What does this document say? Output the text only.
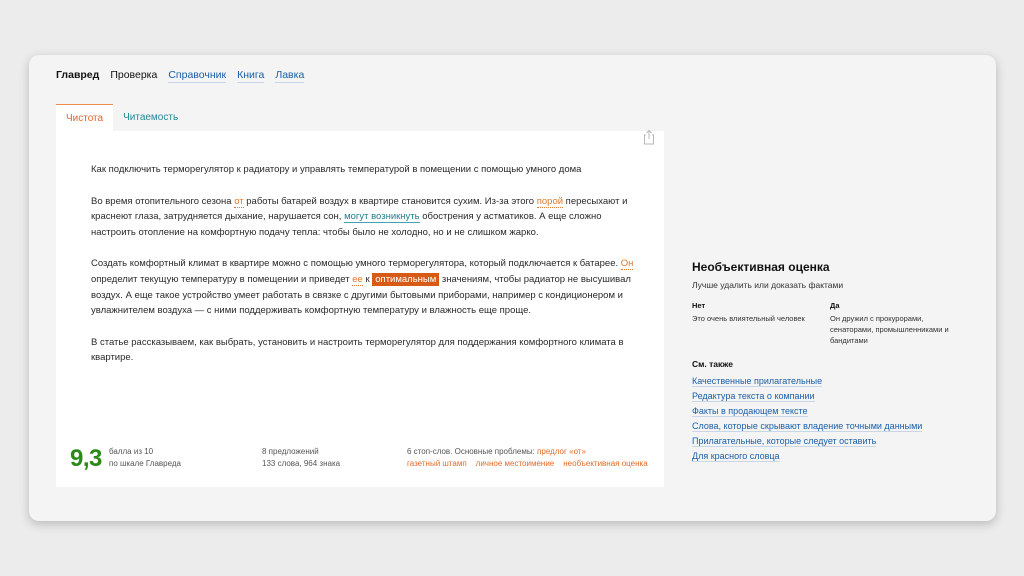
Главред Проверка Справочник Книга Лавка
Чистота	Читаемость

Как подключить терморегулятор к радиатору и управлять температурой в помещении с помощью умного дома

Во время отопительного сезона от работы батарей воздух в квартире становится сухим. Из-за этого порой пересыхают и краснеют глаза, затрудняется дыхание, нарушается сон, могут возникнуть обострения у астматиков. А еще сложно настроить отопление на комфортную подачу тепла: чтобы было не холодно, но и не слишком жарко.

Создать комфортный климат в квартире можно с помощью умного терморегулятора, который подключается к батарее. Он определит текущую температуру в помещении и приведет ее к оптимальным значениям, чтобы радиатор не высушивал воздух. А еще такое устройство умеет работать в связке с другими бытовыми приборами, например с кондиционером и увлажнителем воздуха — с ними поддерживать комфортную температуру и влажность еще проще.

В статье рассказываем, как выбрать, установить и настроить терморегулятор для поддержания комфортного климата в квартире.

9,3 балла из 10
по шкале Главреда
8 предложений
133 слова, 964 знака
6 стоп-слов. Основные проблемы: предлог «от»
газетный штамп личное местоимение необъективная оценка
Необъективная оценка
Лучше удалить или доказать фактами
Нет
Это очень влиятельный человек
Да
Он дружил с прокурорами, сенаторами, промышленниками и бандитами
См. также
Качественные прилагательные
Редактура текста о компании
Факты в продающем тексте
Слова, которые скрывают владение точными данными
Прилагательные, которые следует оставить
Для красного словца
